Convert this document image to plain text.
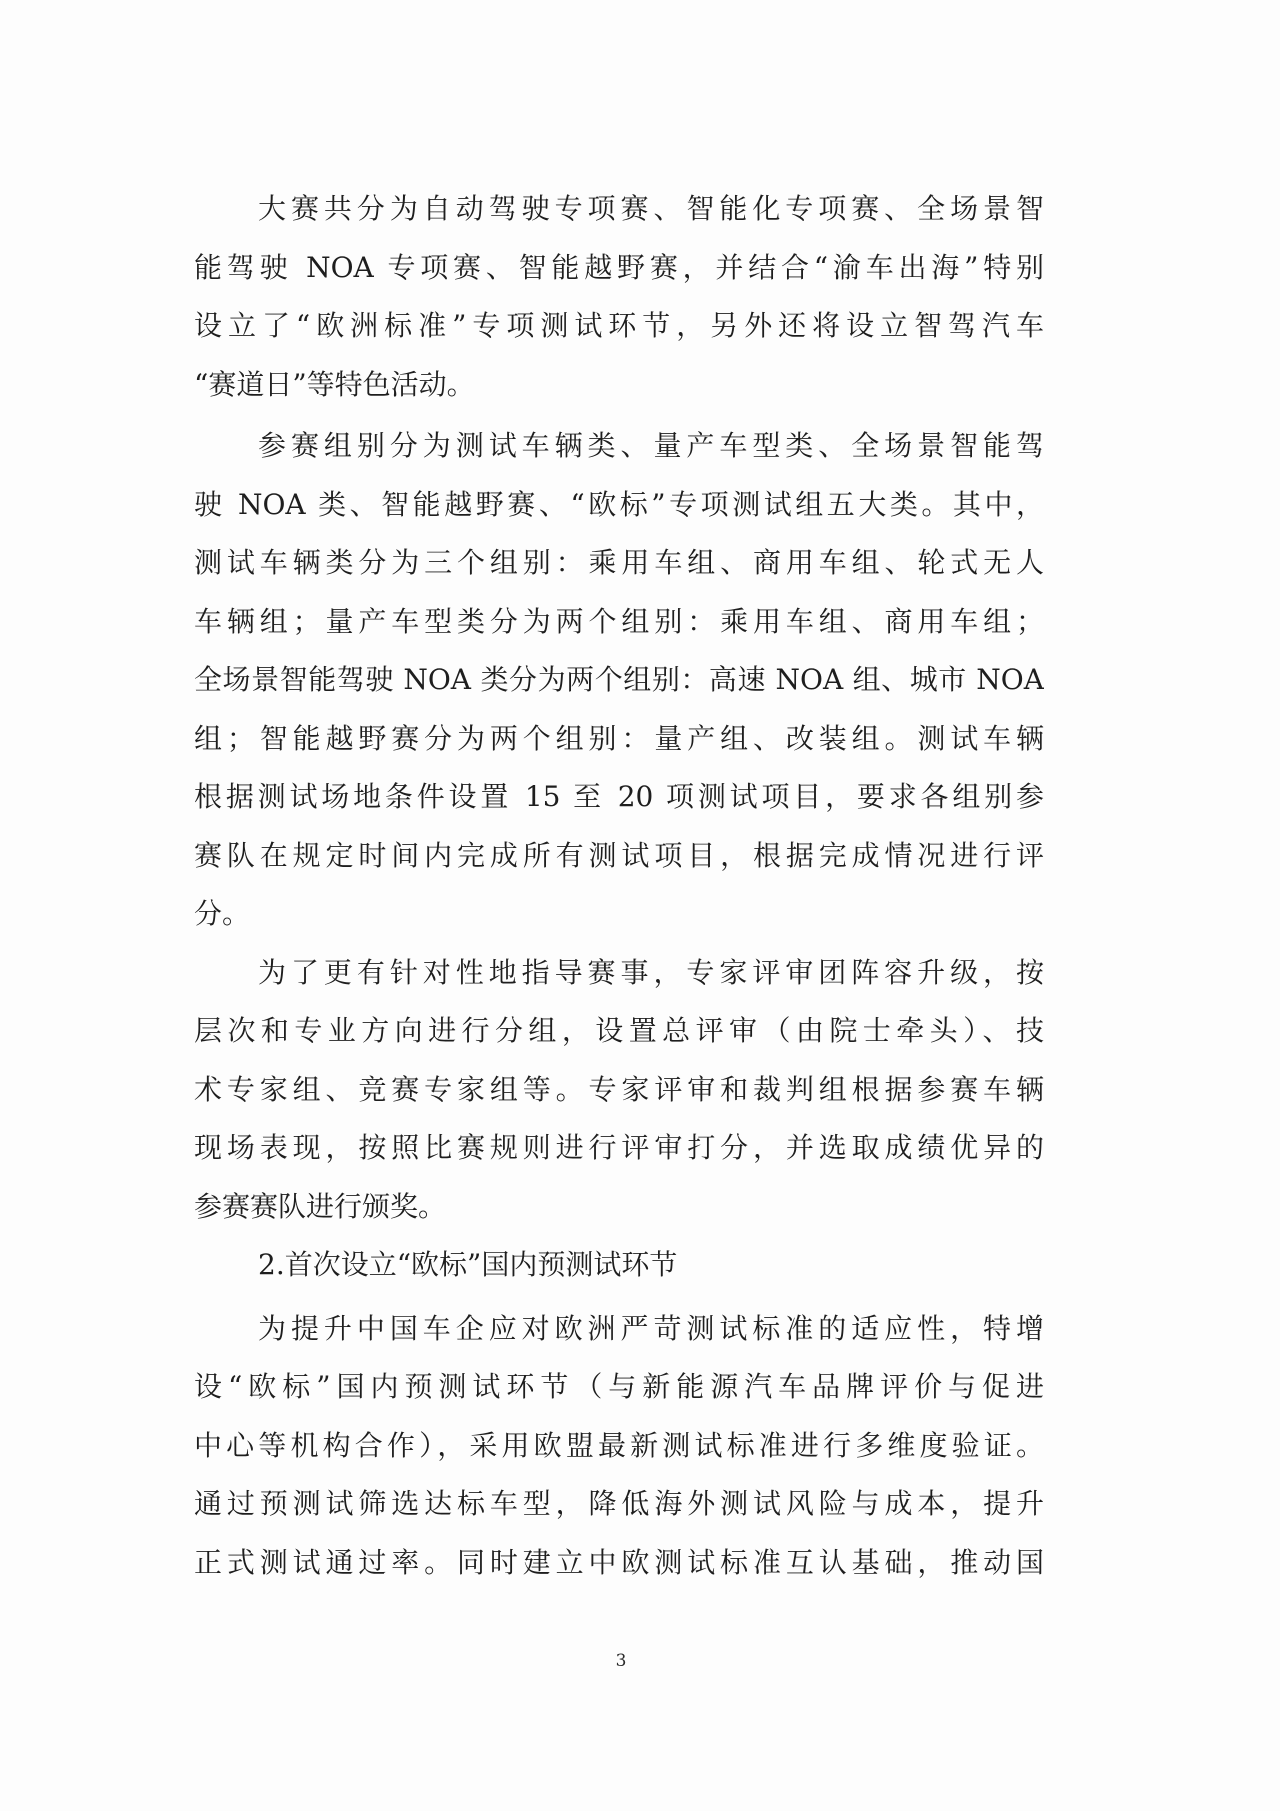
大赛共分为自动驾驶专项赛、智能化专项赛、全场景智
能驾驶 NOA 专项赛、智能越野赛，并结合“渝车出海”特别
设立了“欧洲标准”专项测试环节，另外还将设立智驾汽车
“赛道日”等特色活动。
参赛组别分为测试车辆类、量产车型类、全场景智能驾
驶 NOA 类、智能越野赛、“欧标”专项测试组五大类。其中，
测试车辆类分为三个组别：乘用车组、商用车组、轮式无人
车辆组；量产车型类分为两个组别：乘用车组、商用车组；
全场景智能驾驶 NOA 类分为两个组别：高速 NOA 组、城市 NOA
组；智能越野赛分为两个组别：量产组、改装组。测试车辆
根据测试场地条件设置 15 至 20 项测试项目，要求各组别参
赛队在规定时间内完成所有测试项目，根据完成情况进行评
分。
为了更有针对性地指导赛事，专家评审团阵容升级，按
层次和专业方向进行分组，设置总评审（由院士牵头）、技
术专家组、竞赛专家组等。专家评审和裁判组根据参赛车辆
现场表现，按照比赛规则进行评审打分，并选取成绩优异的
参赛赛队进行颁奖。
2.首次设立“欧标”国内预测试环节
为提升中国车企应对欧洲严苛测试标准的适应性，特增
设“欧标”国内预测试环节（与新能源汽车品牌评价与促进
中心等机构合作），采用欧盟最新测试标准进行多维度验证。
通过预测试筛选达标车型，降低海外测试风险与成本，提升
正式测试通过率。同时建立中欧测试标准互认基础，推动国
3
